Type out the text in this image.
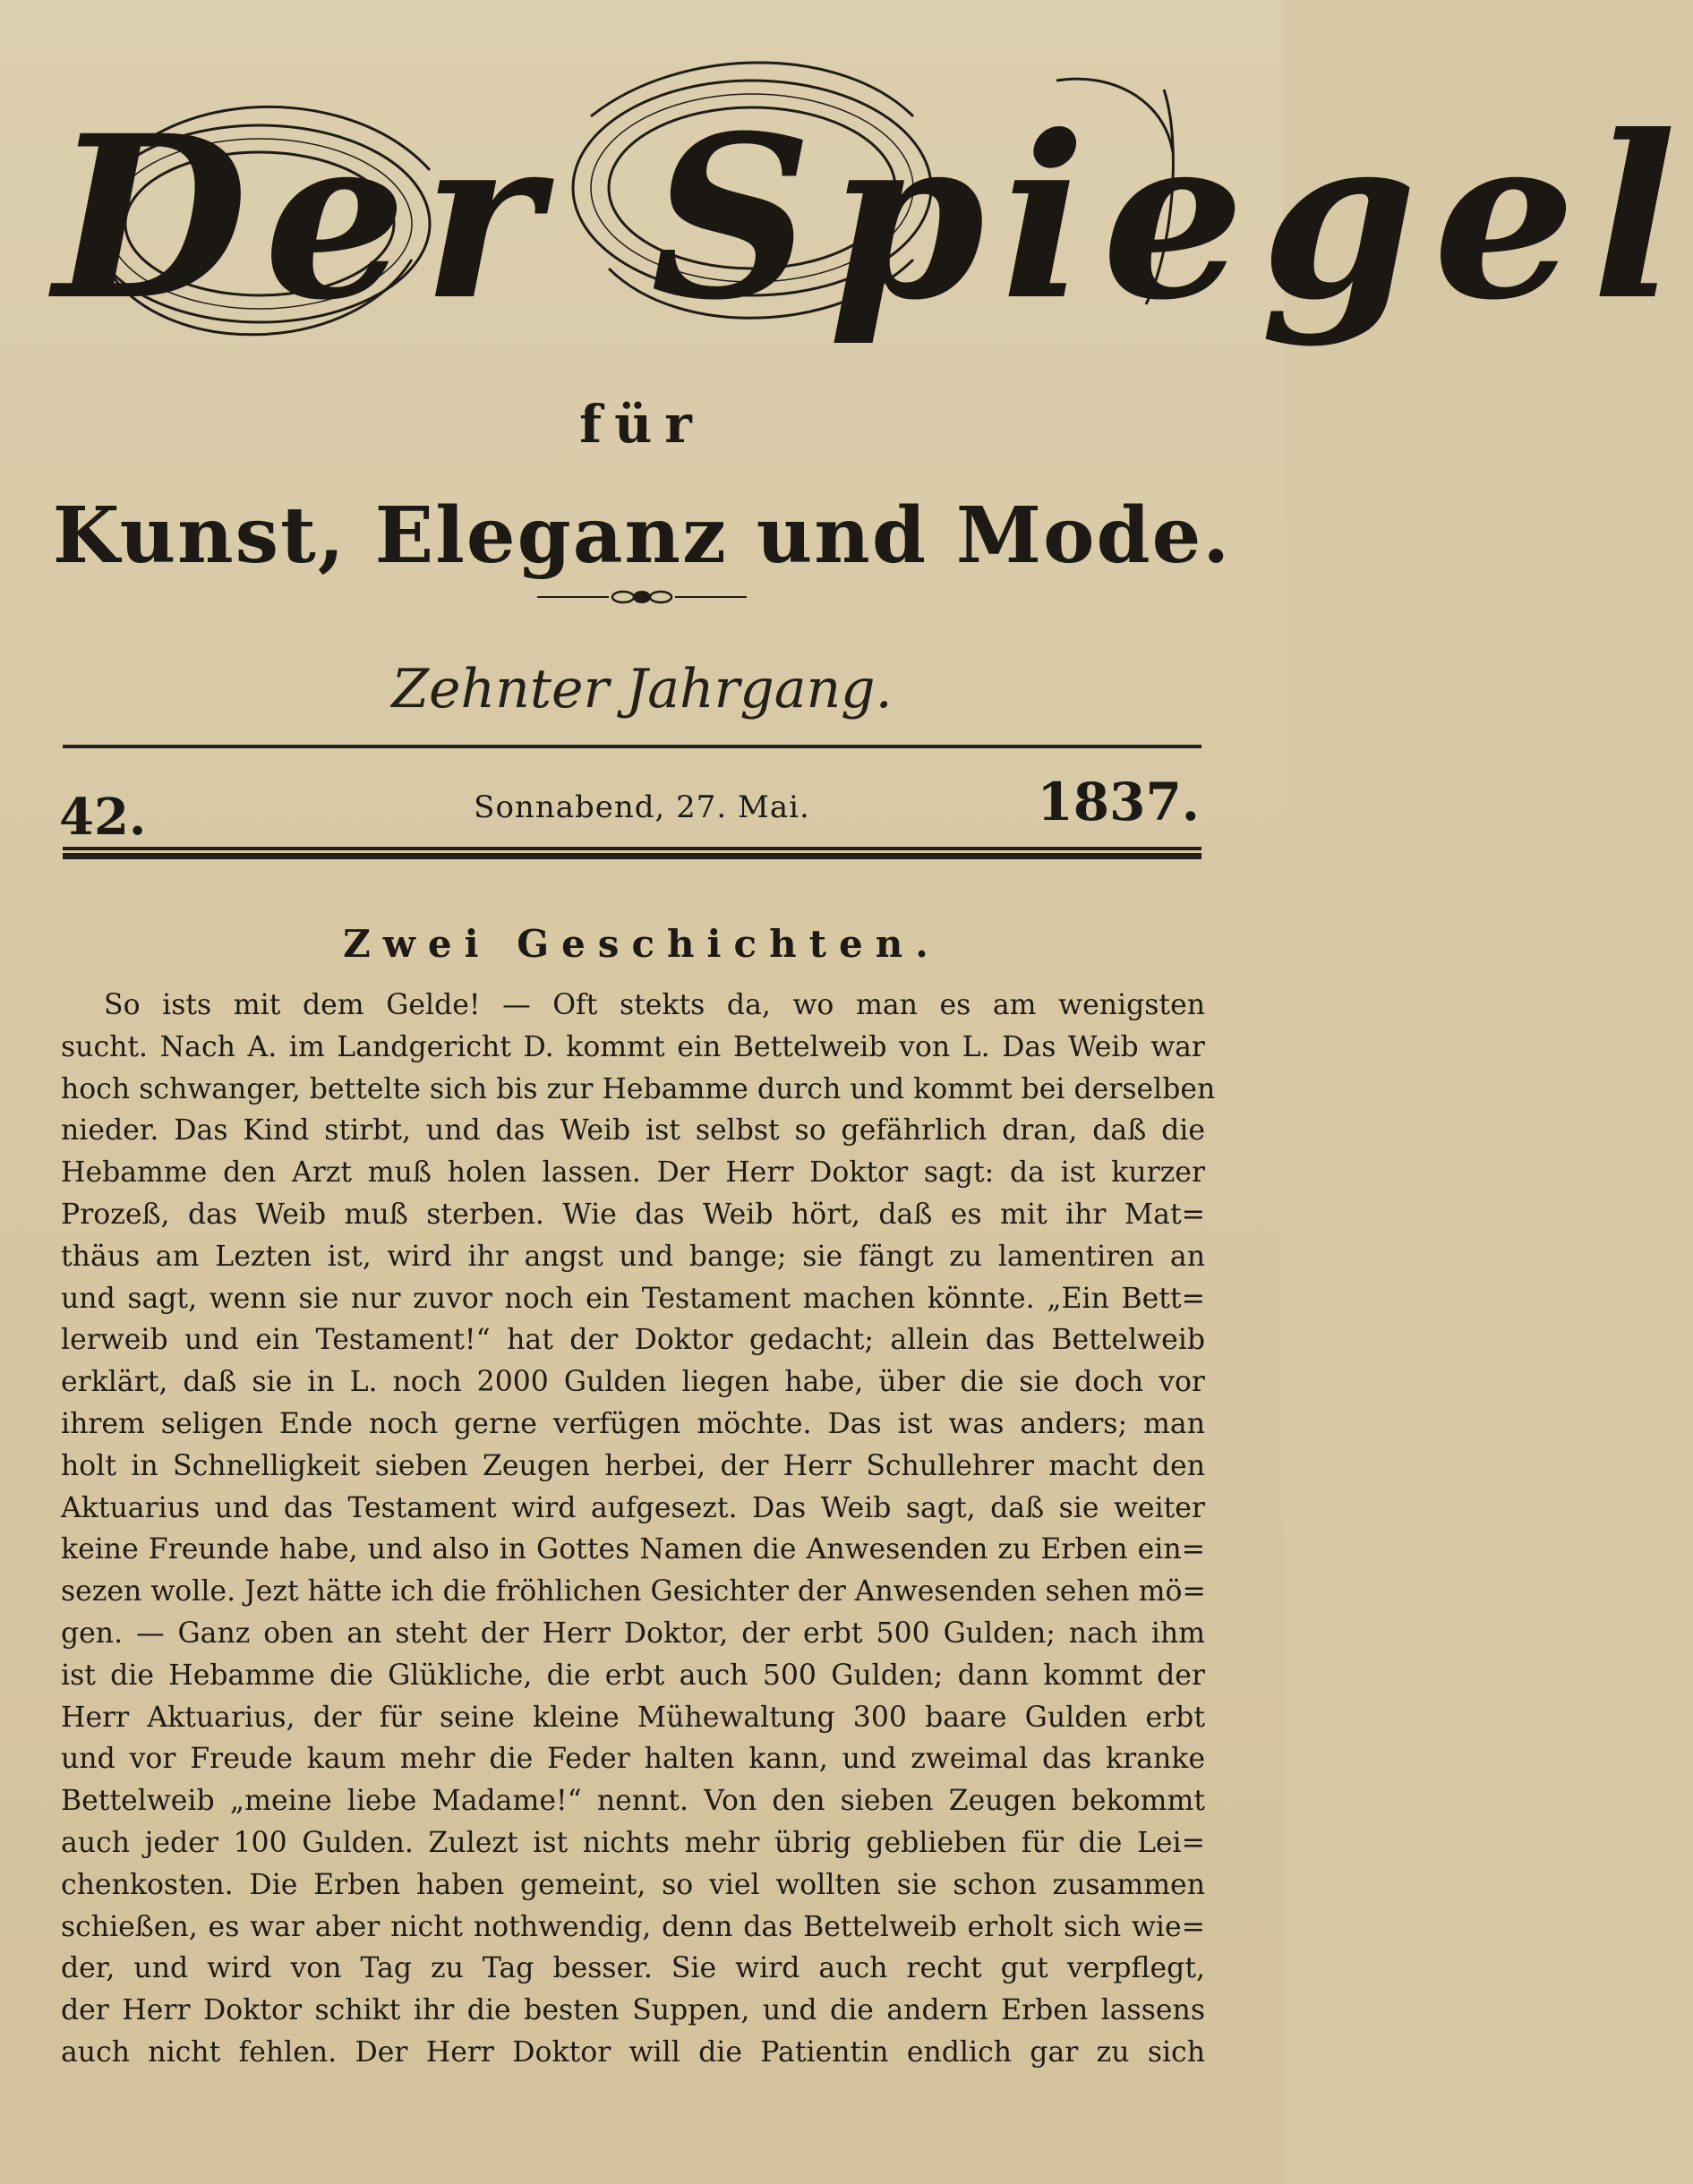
Der Spiegel
für
Kunst, Eleganz und Mode.
Zehnter Jahrgang.
42.	Sonnabend, 27. Mai.	1837.
Zwei Geschichten.
So ists mit dem Gelde! — Oft stekts da, wo man es am wenigsten
sucht. Nach A. im Landgericht D. kommt ein Bettelweib von L. Das Weib war
hoch schwanger, bettelte sich bis zur Hebamme durch und kommt bei derselben
nieder. Das Kind stirbt, und das Weib ist selbst so gefährlich dran, daß die
Hebamme den Arzt muß holen lassen. Der Herr Doktor sagt: da ist kurzer
Prozeß, das Weib muß sterben. Wie das Weib hört, daß es mit ihr Mat=
thäus am Lezten ist, wird ihr angst und bange; sie fängt zu lamentiren an
und sagt, wenn sie nur zuvor noch ein Testament machen könnte. „Ein Bett=
lerweib und ein Testament!“ hat der Doktor gedacht; allein das Bettelweib
erklärt, daß sie in L. noch 2000 Gulden liegen habe, über die sie doch vor
ihrem seligen Ende noch gerne verfügen möchte. Das ist was anders; man
holt in Schnelligkeit sieben Zeugen herbei, der Herr Schullehrer macht den
Aktuarius und das Testament wird aufgesezt. Das Weib sagt, daß sie weiter
keine Freunde habe, und also in Gottes Namen die Anwesenden zu Erben ein=
sezen wolle. Jezt hätte ich die fröhlichen Gesichter der Anwesenden sehen mö=
gen. — Ganz oben an steht der Herr Doktor, der erbt 500 Gulden; nach ihm
ist die Hebamme die Glükliche, die erbt auch 500 Gulden; dann kommt der
Herr Aktuarius, der für seine kleine Mühewaltung 300 baare Gulden erbt
und vor Freude kaum mehr die Feder halten kann, und zweimal das kranke
Bettelweib „meine liebe Madame!“ nennt. Von den sieben Zeugen bekommt
auch jeder 100 Gulden. Zulezt ist nichts mehr übrig geblieben für die Lei=
chenkosten. Die Erben haben gemeint, so viel wollten sie schon zusammen
schießen, es war aber nicht nothwendig, denn das Bettelweib erholt sich wie=
der, und wird von Tag zu Tag besser. Sie wird auch recht gut verpflegt,
der Herr Doktor schikt ihr die besten Suppen, und die andern Erben lassens
auch nicht fehlen. Der Herr Doktor will die Patientin endlich gar zu sich
